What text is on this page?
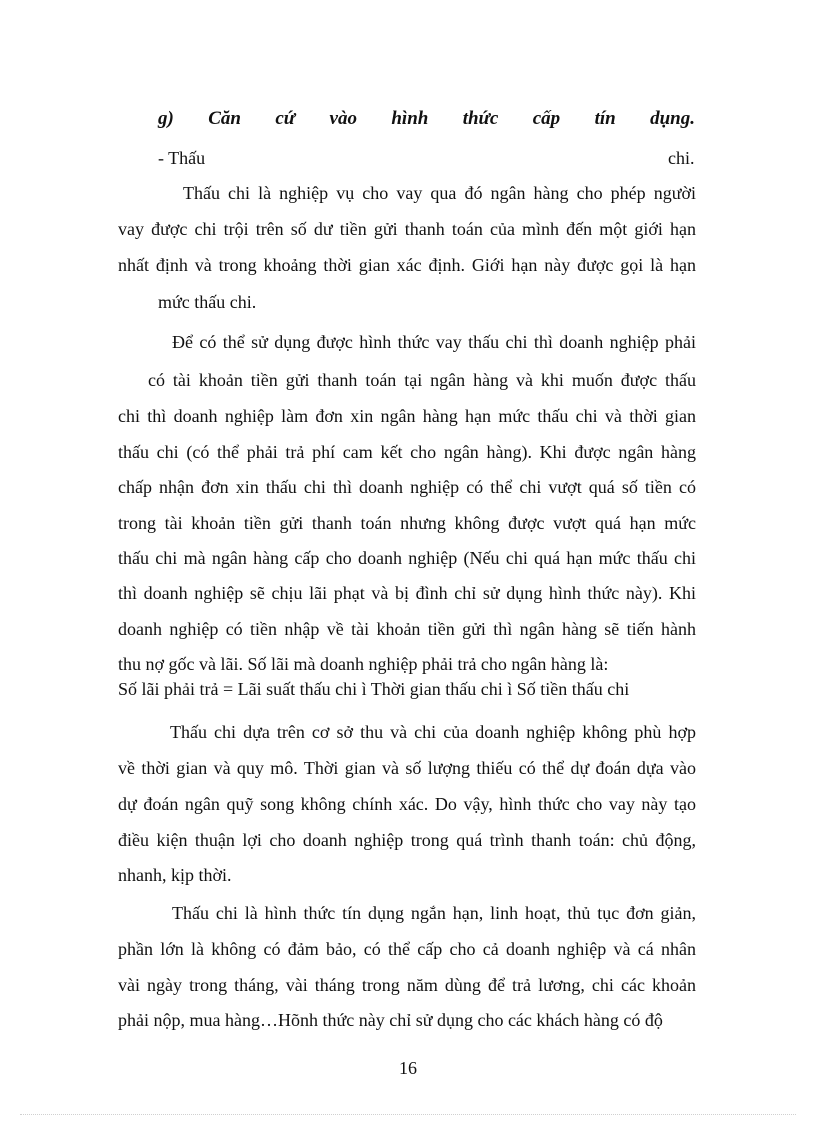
g) Căn cứ vào hình thức cấp tín dụng.
- Thấu	chi.
Thấu chi là nghiệp vụ cho vay qua đó ngân hàng cho phép người
vay được chi trội trên số dư tiền gửi thanh toán của mình đến một giới hạn
nhất định và trong khoảng thời gian xác định. Giới hạn này được gọi là hạn
mức thấu chi.
Để có thể sử dụng được hình thức vay thấu chi thì doanh nghiệp phải
có tài khoản tiền gửi thanh toán tại ngân hàng và khi muốn được thấu
chi thì doanh nghiệp làm đơn xin ngân hàng hạn mức thấu chi và thời gian
thấu chi (có thể phải trả phí cam kết cho ngân hàng). Khi được ngân hàng
chấp nhận đơn xin thấu chi thì doanh nghiệp có thể chi vượt quá số tiền có
trong tài khoản tiền gửi thanh toán nhưng không được vượt quá hạn mức
thấu chi mà ngân hàng cấp cho doanh nghiệp (Nếu chi quá hạn mức thấu chi
thì doanh nghiệp sẽ chịu lãi phạt và bị đình chỉ sử dụng hình thức này). Khi
doanh nghiệp có tiền nhập về tài khoản tiền gửi thì ngân hàng sẽ tiến hành
thu nợ gốc và lãi. Số lãi mà doanh nghiệp phải trả cho ngân hàng là:
Số lãi phải trả = Lãi suất thấu chi ì Thời gian thấu chi ì Số tiền thấu chi
Thấu chi dựa trên cơ sở thu và chi của doanh nghiệp không phù hợp
về thời gian và quy mô. Thời gian và số lượng thiếu có thể dự đoán dựa vào
dự đoán ngân quỹ song không chính xác. Do vậy, hình thức cho vay này tạo
điều kiện thuận lợi cho doanh nghiệp trong quá trình thanh toán: chủ động,
nhanh, kịp thời.
Thấu chi là hình thức tín dụng ngắn hạn, linh hoạt, thủ tục đơn giản,
phần lớn là không có đảm bảo, có thể cấp cho cả doanh nghiệp và cá nhân
vài ngày trong tháng, vài tháng trong năm dùng để trả lương, chi các khoản
phải nộp, mua hàng…Hõnh thức này chỉ sử dụng cho các khách hàng có độ
16
